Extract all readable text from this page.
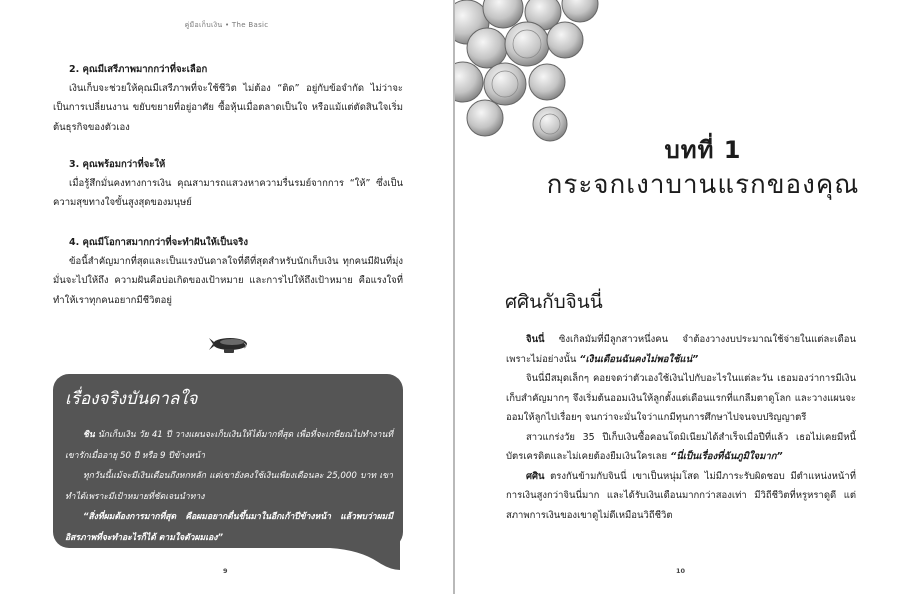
คู่มือเก็บเงิน • The Basic
2. คุณมีเสรีภาพมากกว่าที่จะเลือก
เงินเก็บจะช่วยให้คุณมีเสรีภาพที่จะใช้ชีวิต ไม่ต้อง “ติด” อยู่กับข้อจำกัด ไม่ว่าจะเป็นการเปลี่ยนงาน ขยับขยายที่อยู่อาศัย ซื้อหุ้นเมื่อตลาดเป็นใจ หรือแม้แต่ตัดสินใจเริ่มต้นธุรกิจของตัวเอง
3. คุณพร้อมกว่าที่จะให้
เมื่อรู้สึกมั่นคงทางการเงิน คุณสามารถแสวงหาความรื่นรมย์จากการ “ให้” ซึ่งเป็นความสุขทางใจขั้นสูงสุดของมนุษย์
4. คุณมีโอกาสมากกว่าที่จะทำฝันให้เป็นจริง
ข้อนี้สำคัญมากที่สุดและเป็นแรงบันดาลใจที่ดีที่สุดสำหรับนักเก็บเงิน ทุกคนมีฝันที่มุ่งมั่นจะไปให้ถึง ความฝันคือบ่อเกิดของเป้าหมาย และการไปให้ถึงเป้าหมาย คือแรงใจที่ทำให้เราทุกคนอยากมีชีวิตอยู่
เรื่องจริงบันดาลใจ
ชิน นักเก็บเงิน วัย 41 ปี วางแผนจะเก็บเงินให้ได้มากที่สุด เพื่อที่จะเกษียณไปทำงานที่เขารักเมื่ออายุ 50 ปี หรือ 9 ปีข้างหน้า
ทุกวันนี้แม้จะมีเงินเดือนถึงหกหลัก แต่เขายังคงใช้เงินเพียงเดือนละ 25,000 บาท เขาทำได้เพราะมีเป้าหมายที่ชัดเจนนำทาง
“สิ่งที่ผมต้องการมากที่สุด คือผมอยากตื่นขึ้นมาในอีกเก้าปีข้างหน้า แล้วพบว่าผมมีอิสรภาพที่จะทำอะไรก็ได้ ตามใจตัวผมเอง”
9
บทที่ 1
กระจกเงาบานแรกของคุณ
ศศินกับจินนี่
จินนี่ ซิงเกิลมัมที่มีลูกสาวหนึ่งคน จำต้องวางงบประมาณใช้จ่ายในแต่ละเดือน เพราะไม่อย่างนั้น “เงินเดือนฉันคงไม่พอใช้แน่”
จินนี่มีสมุดเล็กๆ คอยจดว่าตัวเองใช้เงินไปกับอะไรในแต่ละวัน เธอมองว่าการมีเงินเก็บสำคัญมากๆ จึงเริ่มต้นออมเงินให้ลูกตั้งแต่เดือนแรกที่แกลืมตาดูโลก และวางแผนจะออมให้ลูกไปเรื่อยๆ จนกว่าจะมั่นใจว่าแกมีทุนการศึกษาไปจนจบปริญญาตรี
สาวแกร่งวัย 35 ปีเก็บเงินซื้อคอนโดมิเนียมได้สำเร็จเมื่อปีที่แล้ว เธอไม่เคยมีหนี้บัตรเครดิตและไม่เคยต้องยืมเงินใครเลย “นี่เป็นเรื่องที่ฉันภูมิใจมาก”
ศศิน ตรงกันข้ามกับจินนี่ เขาเป็นหนุ่มโสด ไม่มีภาระรับผิดชอบ มีตำแหน่งหน้าที่การเงินสูงกว่าจินนี่มาก และได้รับเงินเดือนมากกว่าสองเท่า มีวิถีชีวิตที่หรูหราดูดี แต่สภาพการเงินของเขาดูไม่ดีเหมือนวิถีชีวิต
10
